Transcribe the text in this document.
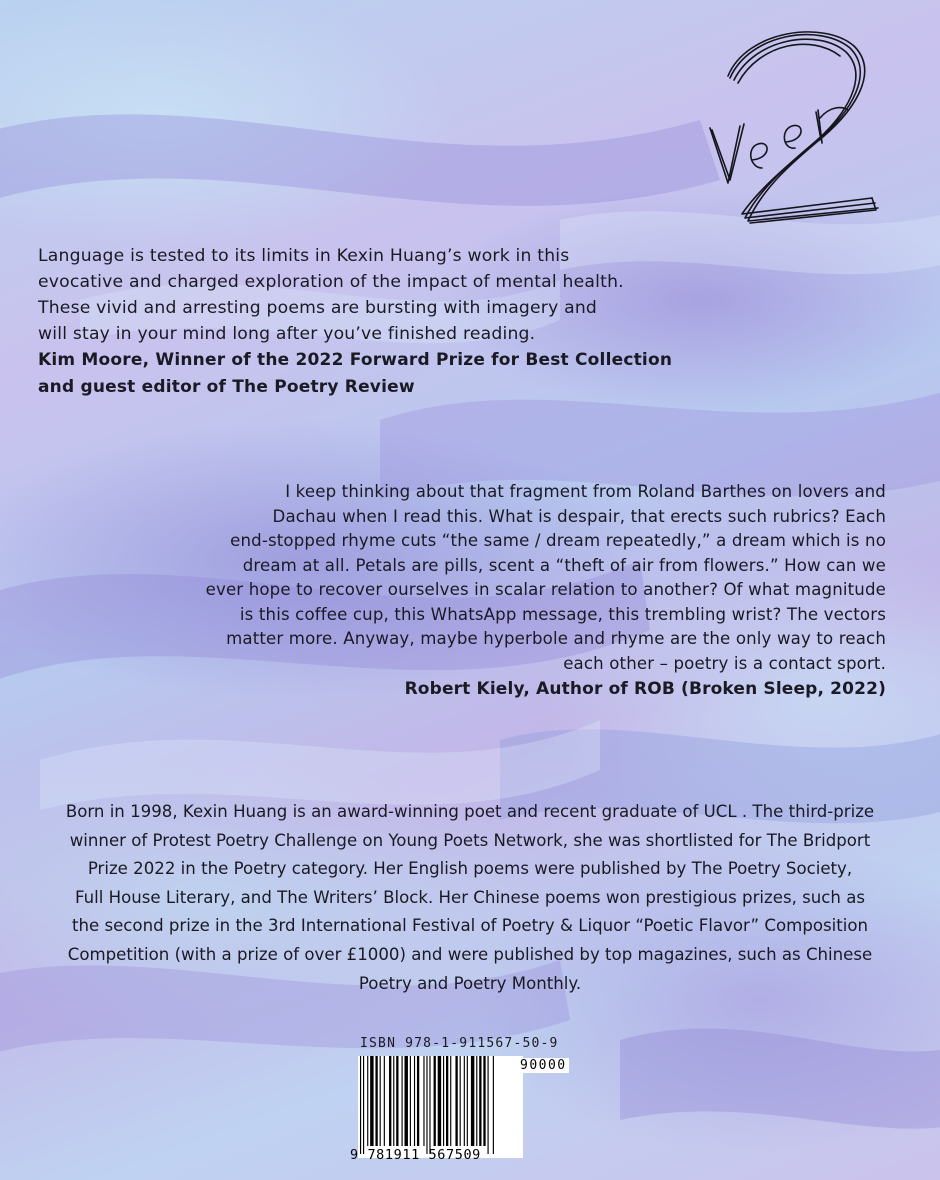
Language is tested to its limits in Kexin Huang’s work in this

evocative and charged exploration of the impact of mental health.

These vivid and arresting poems are bursting with imagery and

will stay in your mind long after you’ve finished reading.

Kim Moore, Winner of the 2022 Forward Prize for Best Collection

and guest editor of The Poetry Review

I keep thinking about that fragment from Roland Barthes on lovers and

Dachau when I read this. What is despair, that erects such rubrics? Each

end-stopped rhyme cuts “the same / dream repeatedly,” a dream which is no

dream at all. Petals are pills, scent a “theft of air from flowers.” How can we

ever hope to recover ourselves in scalar relation to another? Of what magnitude

is this coffee cup, this WhatsApp message, this trembling wrist? The vectors

matter more. Anyway, maybe hyperbole and rhyme are the only way to reach

each other – poetry is a contact sport.

Robert Kiely, Author of ROB (Broken Sleep, 2022)

Born in 1998, Kexin Huang is an award-winning poet and recent graduate of UCL . The third-prize

winner of Protest Poetry Challenge on Young Poets Network, she was shortlisted for The Bridport

Prize 2022 in the Poetry category. Her English poems were published by The Poetry Society,

Full House Literary, and The Writers’ Block. Her Chinese poems won prestigious prizes, such as

the second prize in the 3rd International Festival of Poetry & Liquor “Poetic Flavor” Composition

Competition (with a prize of over £1000) and were published by top magazines, such as Chinese

Poetry and Poetry Monthly.

ISBN 978-1-911567-50-9
90000
9 781911 567509
